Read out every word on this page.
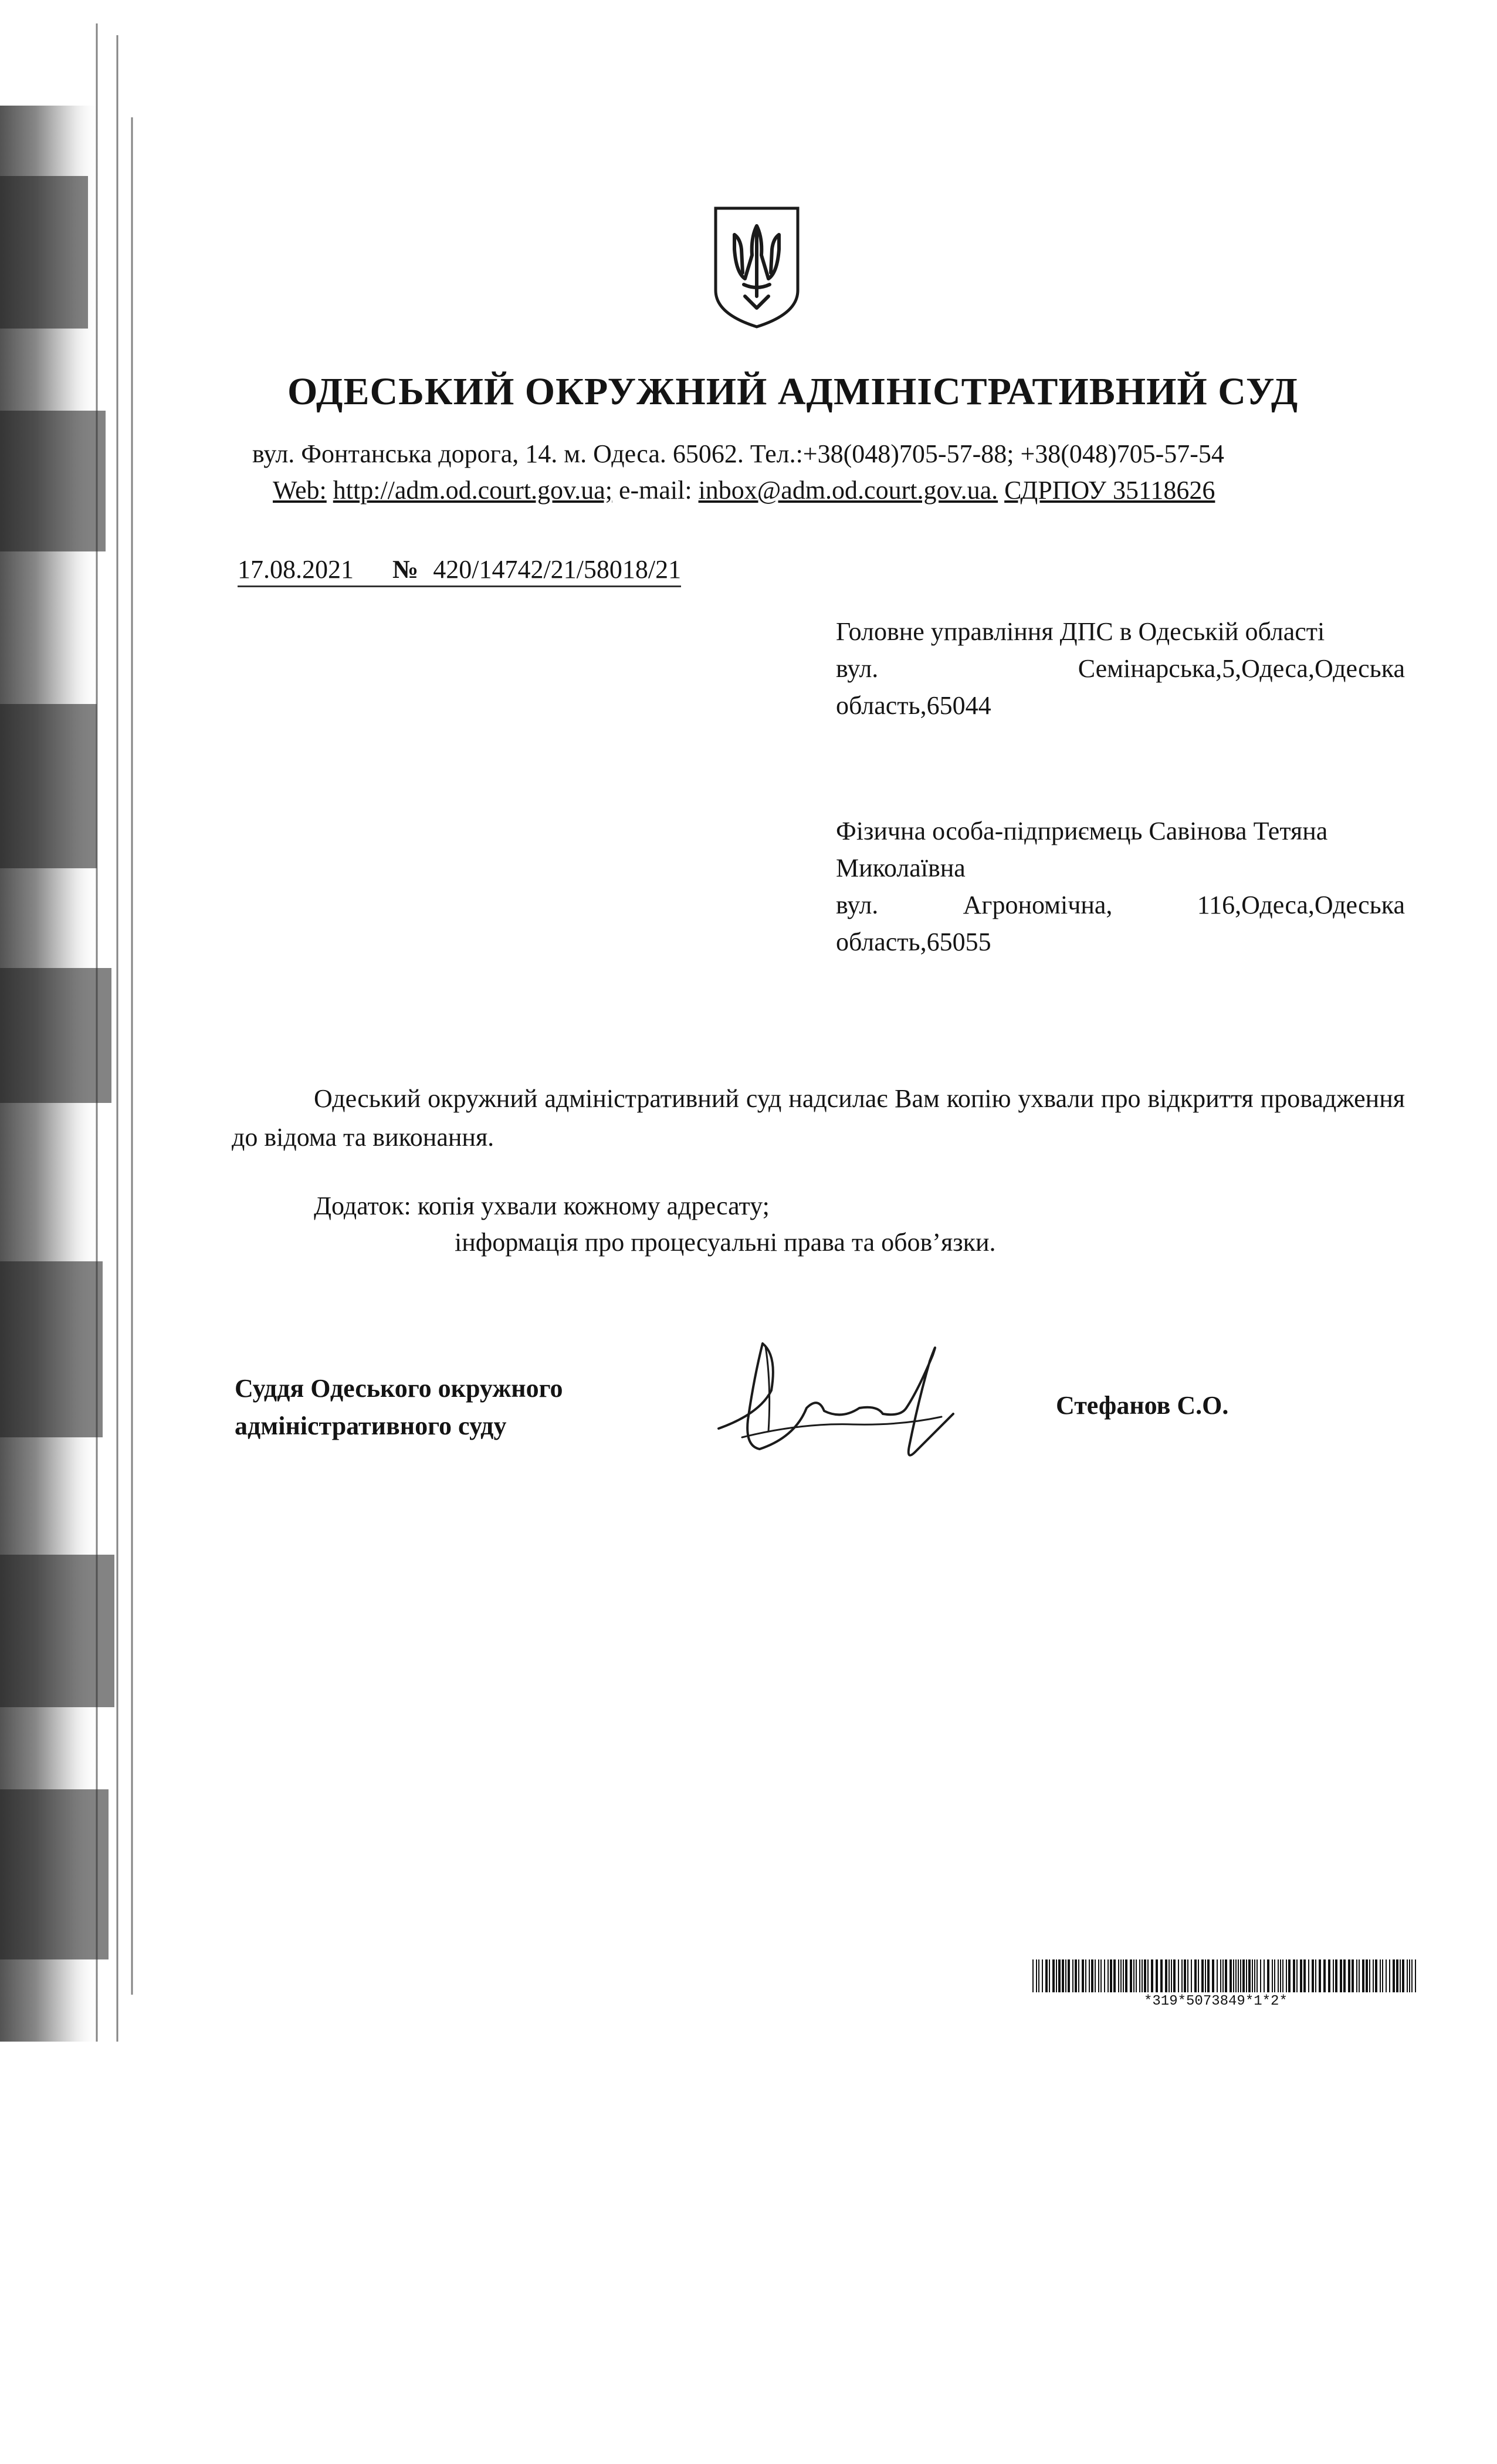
ОДЕСЬКИЙ ОКРУЖНИЙ АДМІНІСТРАТИВНИЙ СУД
вул. Фонтанська дорога, 14. м. Одеса. 65062. Тел.:+38(048)705-57-88; +38(048)705-57-54
Web: http://adm.od.court.gov.ua; e-mail: inbox@adm.od.court.gov.ua. СДРПОУ 35118626
17.08.2021 № 420/14742/21/58018/21
Головне управління ДПС в Одеській області
вул.	Семінарська,5,Одеса,Одеська
область,65044
Фізична особа-підприємець Савінова Тетяна
Миколаївна
вул.	Агрономічна,	116,Одеса,Одеська
область,65055
Одеський окружний адміністративний суд надсилає Вам копію ухвали про відкриття провадження до відома та виконання.
Додаток: копія ухвали кожному адресату;
інформація про процесуальні права та обов’язки.
Суддя Одеського окружного
адміністративного суду
Стефанов С.О.
*319*5073849*1*2*
